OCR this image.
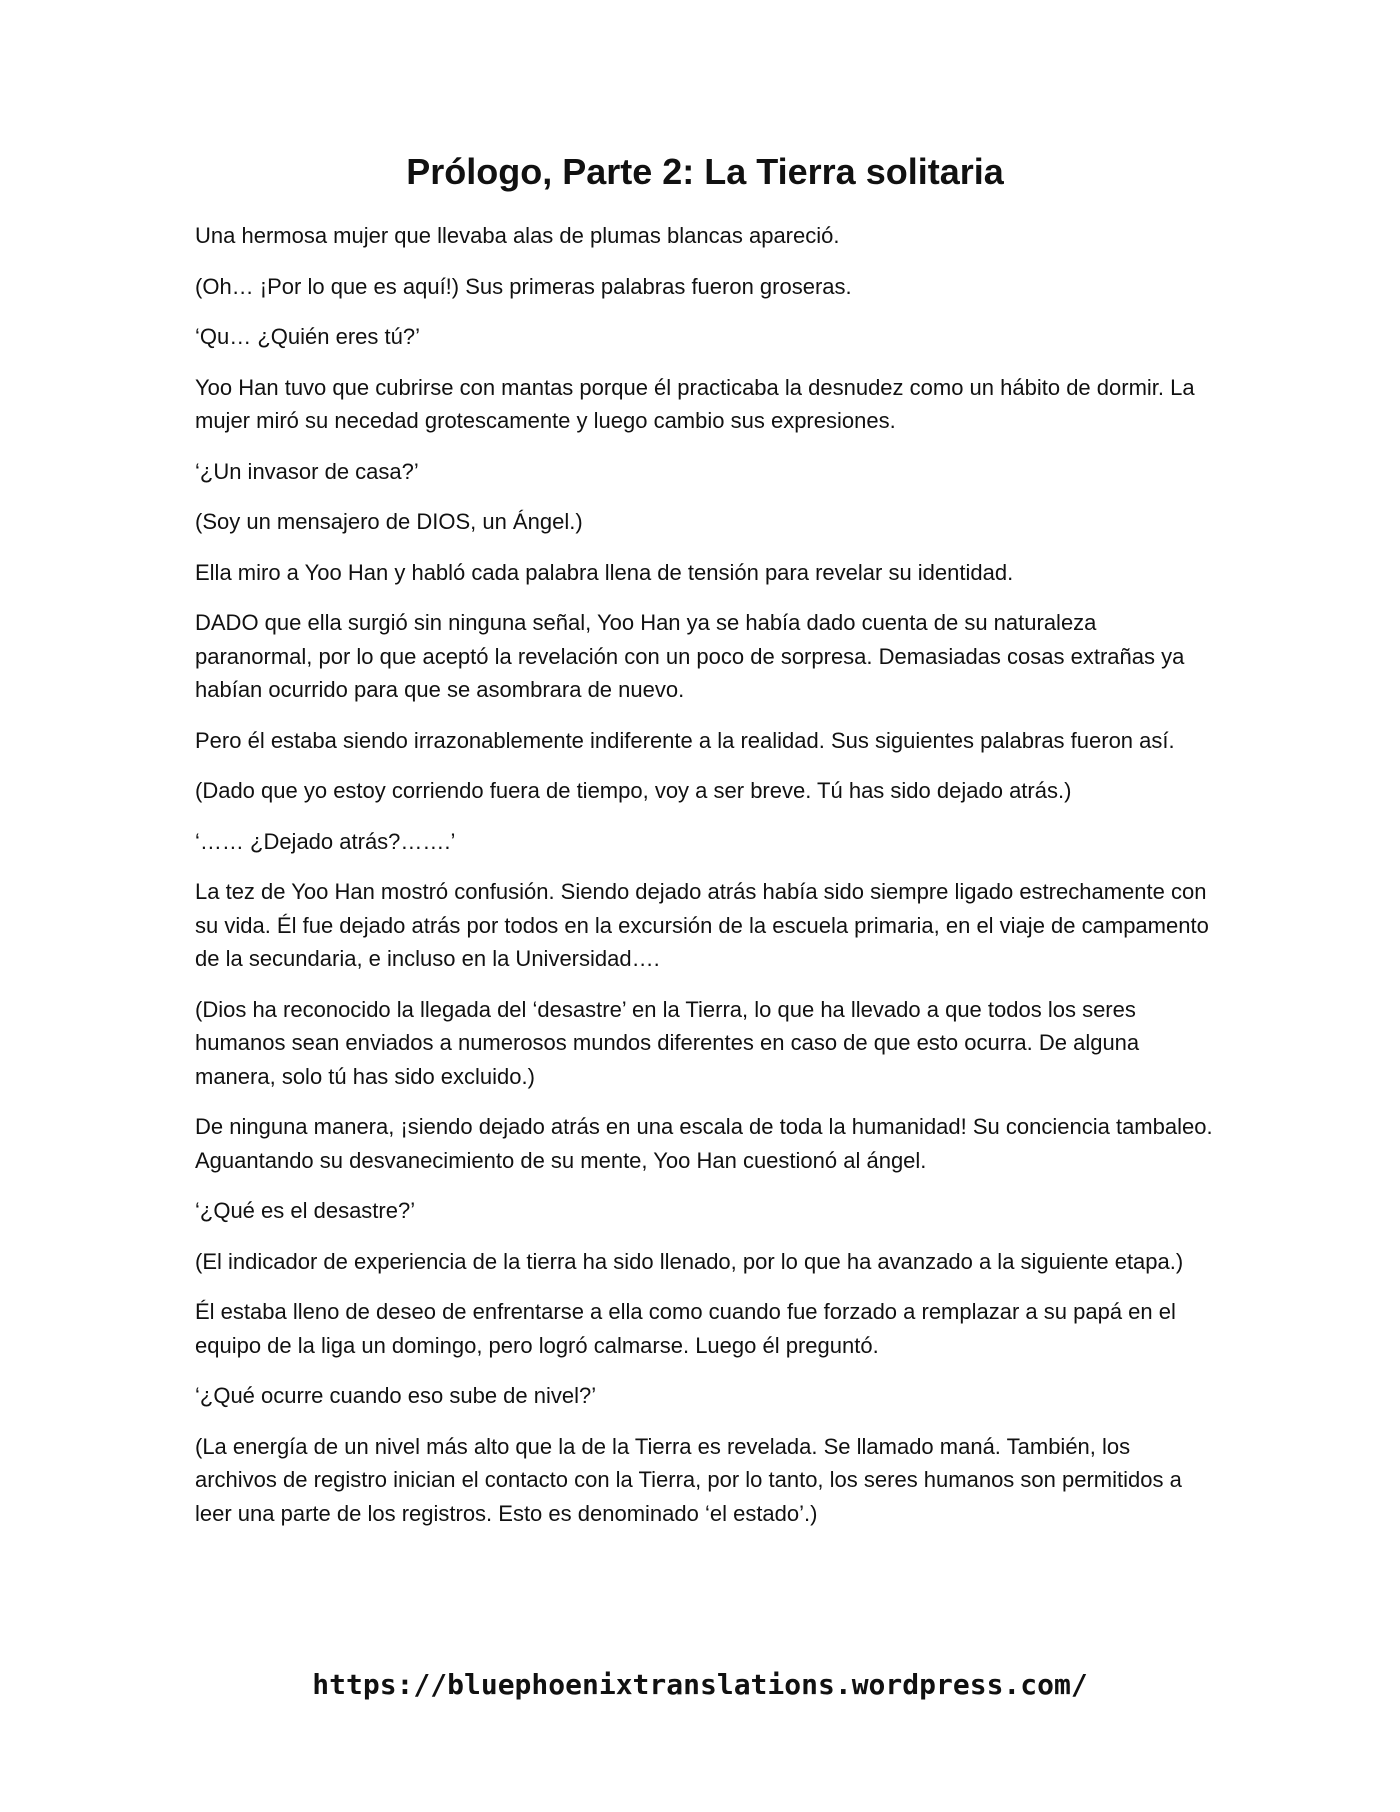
Prólogo, Parte 2: La Tierra solitaria

Una hermosa mujer que llevaba alas de plumas blancas apareció.

(Oh… ¡Por lo que es aquí!) Sus primeras palabras fueron groseras.

‘Qu… ¿Quién eres tú?’

Yoo Han tuvo que cubrirse con mantas porque él practicaba la desnudez como un hábito de dormir. La mujer miró su necedad grotescamente y luego cambio sus expresiones.

‘¿Un invasor de casa?’

(Soy un mensajero de DIOS, un Ángel.)

Ella miro a Yoo Han y habló cada palabra llena de tensión para revelar su identidad.

DADO que ella surgió sin ninguna señal, Yoo Han ya se había dado cuenta de su naturaleza paranormal, por lo que aceptó la revelación con un poco de sorpresa. Demasiadas cosas extrañas ya habían ocurrido para que se asombrara de nuevo.

Pero él estaba siendo irrazonablemente indiferente a la realidad. Sus siguientes palabras fueron así.

(Dado que yo estoy corriendo fuera de tiempo, voy a ser breve. Tú has sido dejado atrás.)

‘…… ¿Dejado atrás?…….’

La tez de Yoo Han mostró confusión. Siendo dejado atrás había sido siempre ligado estrechamente con su vida. Él fue dejado atrás por todos en la excursión de la escuela primaria, en el viaje de campamento de la secundaria, e incluso en la Universidad….

(Dios ha reconocido la llegada del ‘desastre’ en la Tierra, lo que ha llevado a que todos los seres humanos sean enviados a numerosos mundos diferentes en caso de que esto ocurra. De alguna manera, solo tú has sido excluido.)

De ninguna manera, ¡siendo dejado atrás en una escala de toda la humanidad! Su conciencia tambaleo. Aguantando su desvanecimiento de su mente, Yoo Han cuestionó al ángel.

‘¿Qué es el desastre?’

(El indicador de experiencia de la tierra ha sido llenado, por lo que ha avanzado a la siguiente etapa.)

Él estaba lleno de deseo de enfrentarse a ella como cuando fue forzado a remplazar a su papá en el equipo de la liga un domingo, pero logró calmarse. Luego él preguntó.

‘¿Qué ocurre cuando eso sube de nivel?’

(La energía de un nivel más alto que la de la Tierra es revelada. Se llamado maná. También, los archivos de registro inician el contacto con la Tierra, por lo tanto, los seres humanos son permitidos a leer una parte de los registros. Esto es denominado ‘el estado’.)

https://bluephoenixtranslations.wordpress.com/
